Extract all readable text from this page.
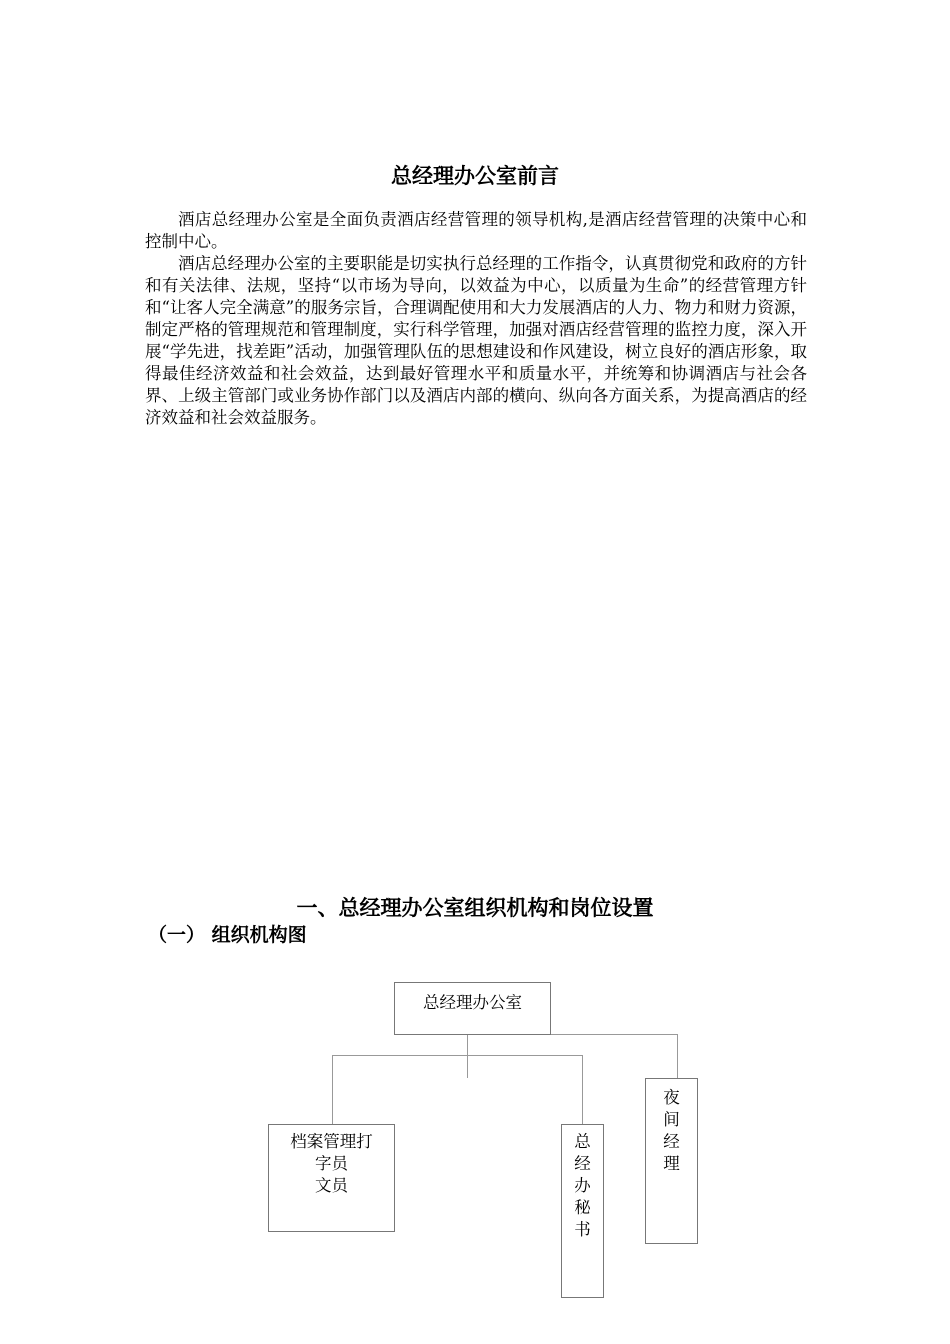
总经理办公室前言

酒店总经理办公室是全面负责酒店经营管理的领导机构,是酒店经营管理的决策中心和控制中心。

酒店总经理办公室的主要职能是切实执行总经理的工作指令，认真贯彻党和政府的方针和有关法律、法规，坚持“以市场为导向，以效益为中心，以质量为生命”的经营管理方针和“让客人完全满意”的服务宗旨，合理调配使用和大力发展酒店的人力、物力和财力资源，制定严格的管理规范和管理制度，实行科学管理，加强对酒店经营管理的监控力度，深入开展“学先进，找差距”活动，加强管理队伍的思想建设和作风建设，树立良好的酒店形象，取得最佳经济效益和社会效益，达到最好管理水平和质量水平，并统筹和协调酒店与社会各界、上级主管部门或业务协作部门以及酒店内部的横向、纵向各方面关系，为提高酒店的经济效益和社会效益服务。

一、总经理办公室组织机构和岗位设置
（一） 组织机构图
总经理办公室
档案管理打
字员
文员
总
经
办
秘
书
夜
间
经
理
